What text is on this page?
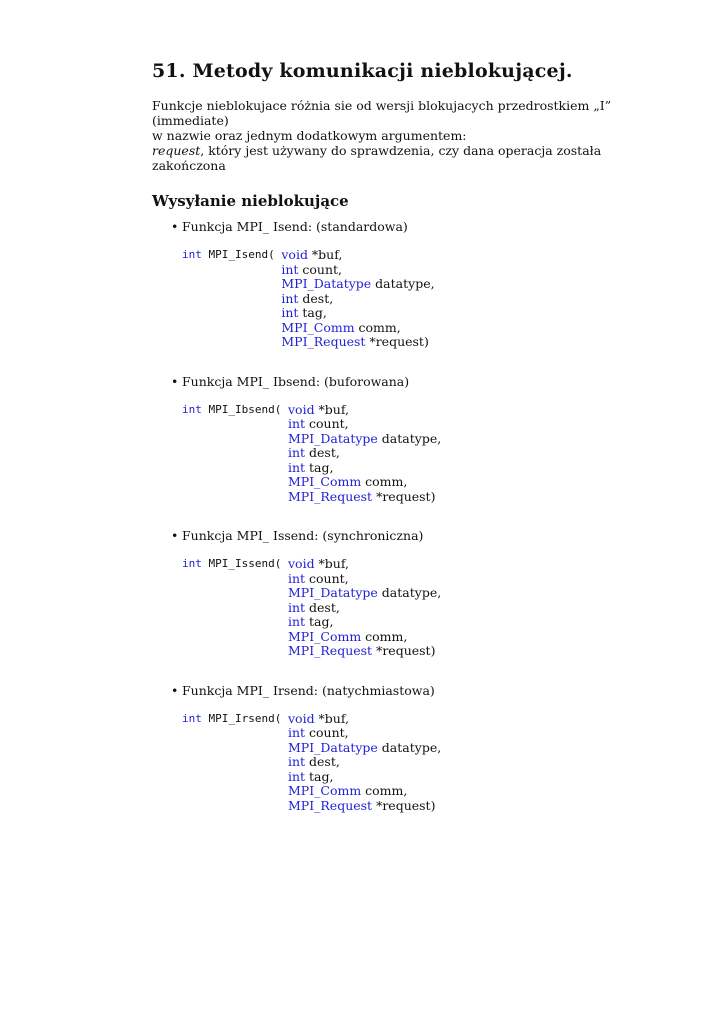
51. Metody komunikacji nieblokującej.
Funkcje nieblokujace różnia sie od wersji blokujacych przedrostkiem „I” (immediate)
w nazwie oraz jednym dodatkowym argumentem:
request, który jest używany do sprawdzenia, czy dana operacja została zakończona
Wysyłanie nieblokujące
• Funkcja MPI_ Isend: (standardowa)
int MPI_Isend( void *buf,
int count,
MPI_Datatype datatype,
int dest,
int tag,
MPI_Comm comm,
MPI_Request *request)
• Funkcja MPI_ Ibsend: (buforowana)
int MPI_Ibsend( void *buf,
int count,
MPI_Datatype datatype,
int dest,
int tag,
MPI_Comm comm,
MPI_Request *request)
• Funkcja MPI_ Issend: (synchroniczna)
int MPI_Issend( void *buf,
int count,
MPI_Datatype datatype,
int dest,
int tag,
MPI_Comm comm,
MPI_Request *request)
• Funkcja MPI_ Irsend: (natychmiastowa)
int MPI_Irsend( void *buf,
int count,
MPI_Datatype datatype,
int dest,
int tag,
MPI_Comm comm,
MPI_Request *request)
